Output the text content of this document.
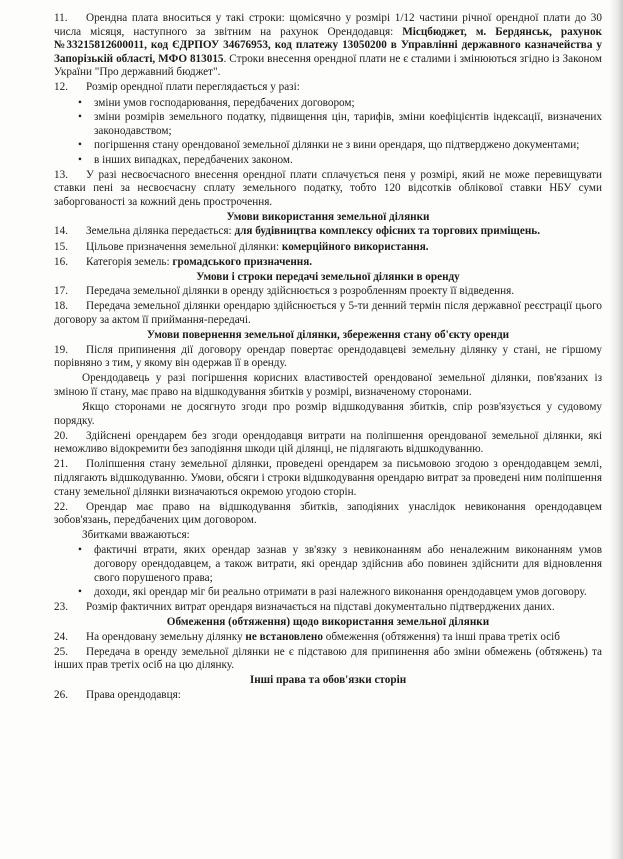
11. Орендна плата вноситься у такі строки: щомісячно у розмірі 1/12 частини річної орендної плати до 30 числа місяця, наступного за звітним на рахунок Орендодавця: Місцбюджет, м. Бердянськ, рахунок №33215812600011, код ЄДРПОУ 34676953, код платежу 13050200 в Управлінні державного казначейства у Запорізькій області, МФО 813015. Строки внесення орендної плати не є сталими і змінюються згідно із Законом України "Про державний бюджет".

12. Розмір орендної плати переглядається у разі:

• зміни умов господарювання, передбачених договором;
• зміни розмірів земельного податку, підвищення цін, тарифів, зміни коефіцієнтів індексації, визначених законодавством;
• погіршення стану орендованої земельної ділянки не з вини орендаря, що підтверджено документами;
• в інших випадках, передбачених законом.

13. У разі несвоєчасного внесення орендної плати сплачується пеня у розмірі, який не може перевищувати ставки пені за несвоєчасну сплату земельного податку, тобто 120 відсотків облікової ставки НБУ суми заборгованості за кожний день прострочення.

Умови використання земельної ділянки

14. Земельна ділянка передається: для будівництва комплексу офісних та торгових приміщень.

15. Цільове призначення земельної ділянки: комерційного використання.

16. Категорія земель: громадського призначення.

Умови і строки передачі земельної ділянки в оренду

17. Передача земельної ділянки в оренду здійснюється з розробленням проекту її відведення.

18. Передача земельної ділянки орендарю здійснюється у 5-ти денний термін після державної реєстрації цього договору за актом її приймання-передачі.

Умови повернення земельної ділянки, збереження стану об'єкту оренди

19. Після припинення дії договору орендар повертає орендодавцеві земельну ділянку у стані, не гіршому порівняно з тим, у якому він одержав її в оренду.

Орендодавець у разі погіршення корисних властивостей орендованої земельної ділянки, пов'язаних із зміною її стану, має право на відшкодування збитків у розмірі, визначеному сторонами.

Якщо сторонами не досягнуто згоди про розмір відшкодування збитків, спір розв'язується у судовому порядку.

20. Здійснені орендарем без згоди орендодавця витрати на поліпшення орендованої земельної ділянки, які неможливо відокремити без заподіяння шкоди цій ділянці, не підлягають відшкодуванню.

21. Поліпшення стану земельної ділянки, проведені орендарем за письмовою згодою з орендодавцем землі, підлягають відшкодуванню. Умови, обсяги і строки відшкодування орендарю витрат за проведені ним поліпшення стану земельної ділянки визначаються окремою угодою сторін.

22. Орендар має право на відшкодування збитків, заподіяних унаслідок невиконання орендодавцем зобов'язань, передбачених цим договором.

Збитками вважаються:

• фактичні втрати, яких орендар зазнав у зв'язку з невиконанням або неналежним виконанням умов договору орендодавцем, а також витрати, які орендар здійснив або повинен здійснити для відновлення свого порушеного права;
• доходи, які орендар міг би реально отримати в разі належного виконання орендодавцем умов договору.

23. Розмір фактичних витрат орендаря визначається на підставі документально підтверджених даних.

Обмеження (обтяження) щодо використання земельної ділянки

24. На орендовану земельну ділянку не встановлено обмеження (обтяження) та інші права третіх осіб

25. Передача в оренду земельної ділянки не є підставою для припинення або зміни обмежень (обтяжень) та інших прав третіх осіб на цю ділянку.

Інші права та обов'язки сторін

26. Права орендодавця:
